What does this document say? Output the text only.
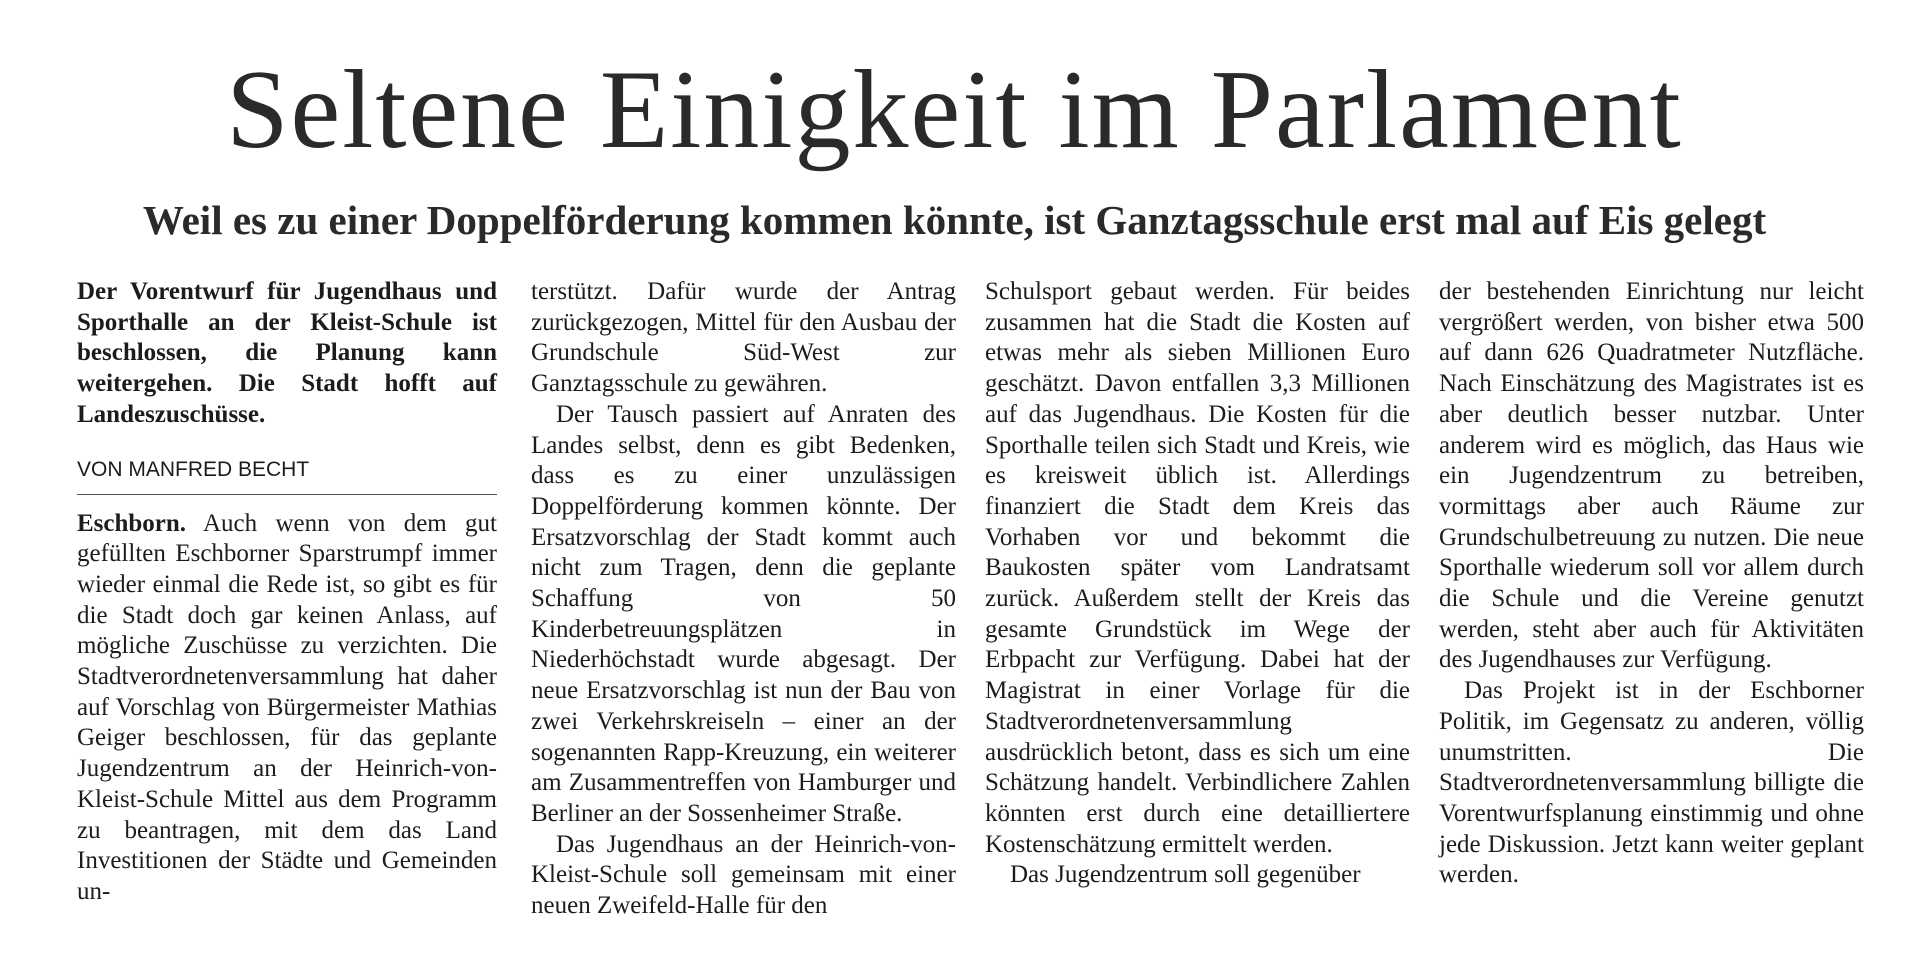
Seltene Einigkeit im Parlament
Weil es zu einer Doppelförderung kommen könnte, ist Ganztagsschule erst mal auf Eis gelegt

Der Vorentwurf für Jugendhaus und Sporthalle an der Kleist-Schule ist beschlossen, die Planung kann weitergehen. Die Stadt hofft auf Landeszuschüsse.

VON MANFRED BECHT

Eschborn. Auch wenn von dem gut gefüllten Eschborner Sparstrumpf immer wieder einmal die Rede ist, so gibt es für die Stadt doch gar keinen Anlass, auf mögliche Zuschüsse zu verzichten. Die Stadtverordnetenversammlung hat daher auf Vorschlag von Bürgermeister Mathias Geiger beschlossen, für das geplante Jugendzentrum an der Heinrich-von-Kleist-Schule Mittel aus dem Programm zu beantragen, mit dem das Land Investitionen der Städte und Gemeinden un-

terstützt. Dafür wurde der Antrag zurückgezogen, Mittel für den Ausbau der Grundschule Süd-West zur Ganztagsschule zu gewähren.

Der Tausch passiert auf Anraten des Landes selbst, denn es gibt Bedenken, dass es zu einer unzulässigen Doppelförderung kommen könnte. Der Ersatzvorschlag der Stadt kommt auch nicht zum Tragen, denn die geplante Schaffung von 50 Kinderbetreuungsplätzen in Niederhöchstadt wurde abgesagt. Der neue Ersatzvorschlag ist nun der Bau von zwei Verkehrskreiseln – einer an der sogenannten Rapp-Kreuzung, ein weiterer am Zusammentreffen von Hamburger und Berliner an der Sossenheimer Straße.

Das Jugendhaus an der Heinrich-von-Kleist-Schule soll gemeinsam mit einer neuen Zweifeld-Halle für den

Schulsport gebaut werden. Für beides zusammen hat die Stadt die Kosten auf etwas mehr als sieben Millionen Euro geschätzt. Davon entfallen 3,3 Millionen auf das Jugendhaus. Die Kosten für die Sporthalle teilen sich Stadt und Kreis, wie es kreisweit üblich ist. Allerdings finanziert die Stadt dem Kreis das Vorhaben vor und bekommt die Baukosten später vom Landratsamt zurück. Außerdem stellt der Kreis das gesamte Grundstück im Wege der Erbpacht zur Verfügung. Dabei hat der Magistrat in einer Vorlage für die Stadtverordnetenversammlung ausdrücklich betont, dass es sich um eine Schätzung handelt. Verbindlichere Zahlen könnten erst durch eine detailliertere Kostenschätzung ermittelt werden.

Das Jugendzentrum soll gegenüber

der bestehenden Einrichtung nur leicht vergrößert werden, von bisher etwa 500 auf dann 626 Quadratmeter Nutzfläche. Nach Einschätzung des Magistrates ist es aber deutlich besser nutzbar. Unter anderem wird es möglich, das Haus wie ein Jugendzentrum zu betreiben, vormittags aber auch Räume zur Grundschulbetreuung zu nutzen. Die neue Sporthalle wiederum soll vor allem durch die Schule und die Vereine genutzt werden, steht aber auch für Aktivitäten des Jugendhauses zur Verfügung.

Das Projekt ist in der Eschborner Politik, im Gegensatz zu anderen, völlig unumstritten. Die Stadtverordnetenversammlung billigte die Vorentwurfsplanung einstimmig und ohne jede Diskussion. Jetzt kann weiter geplant werden.
